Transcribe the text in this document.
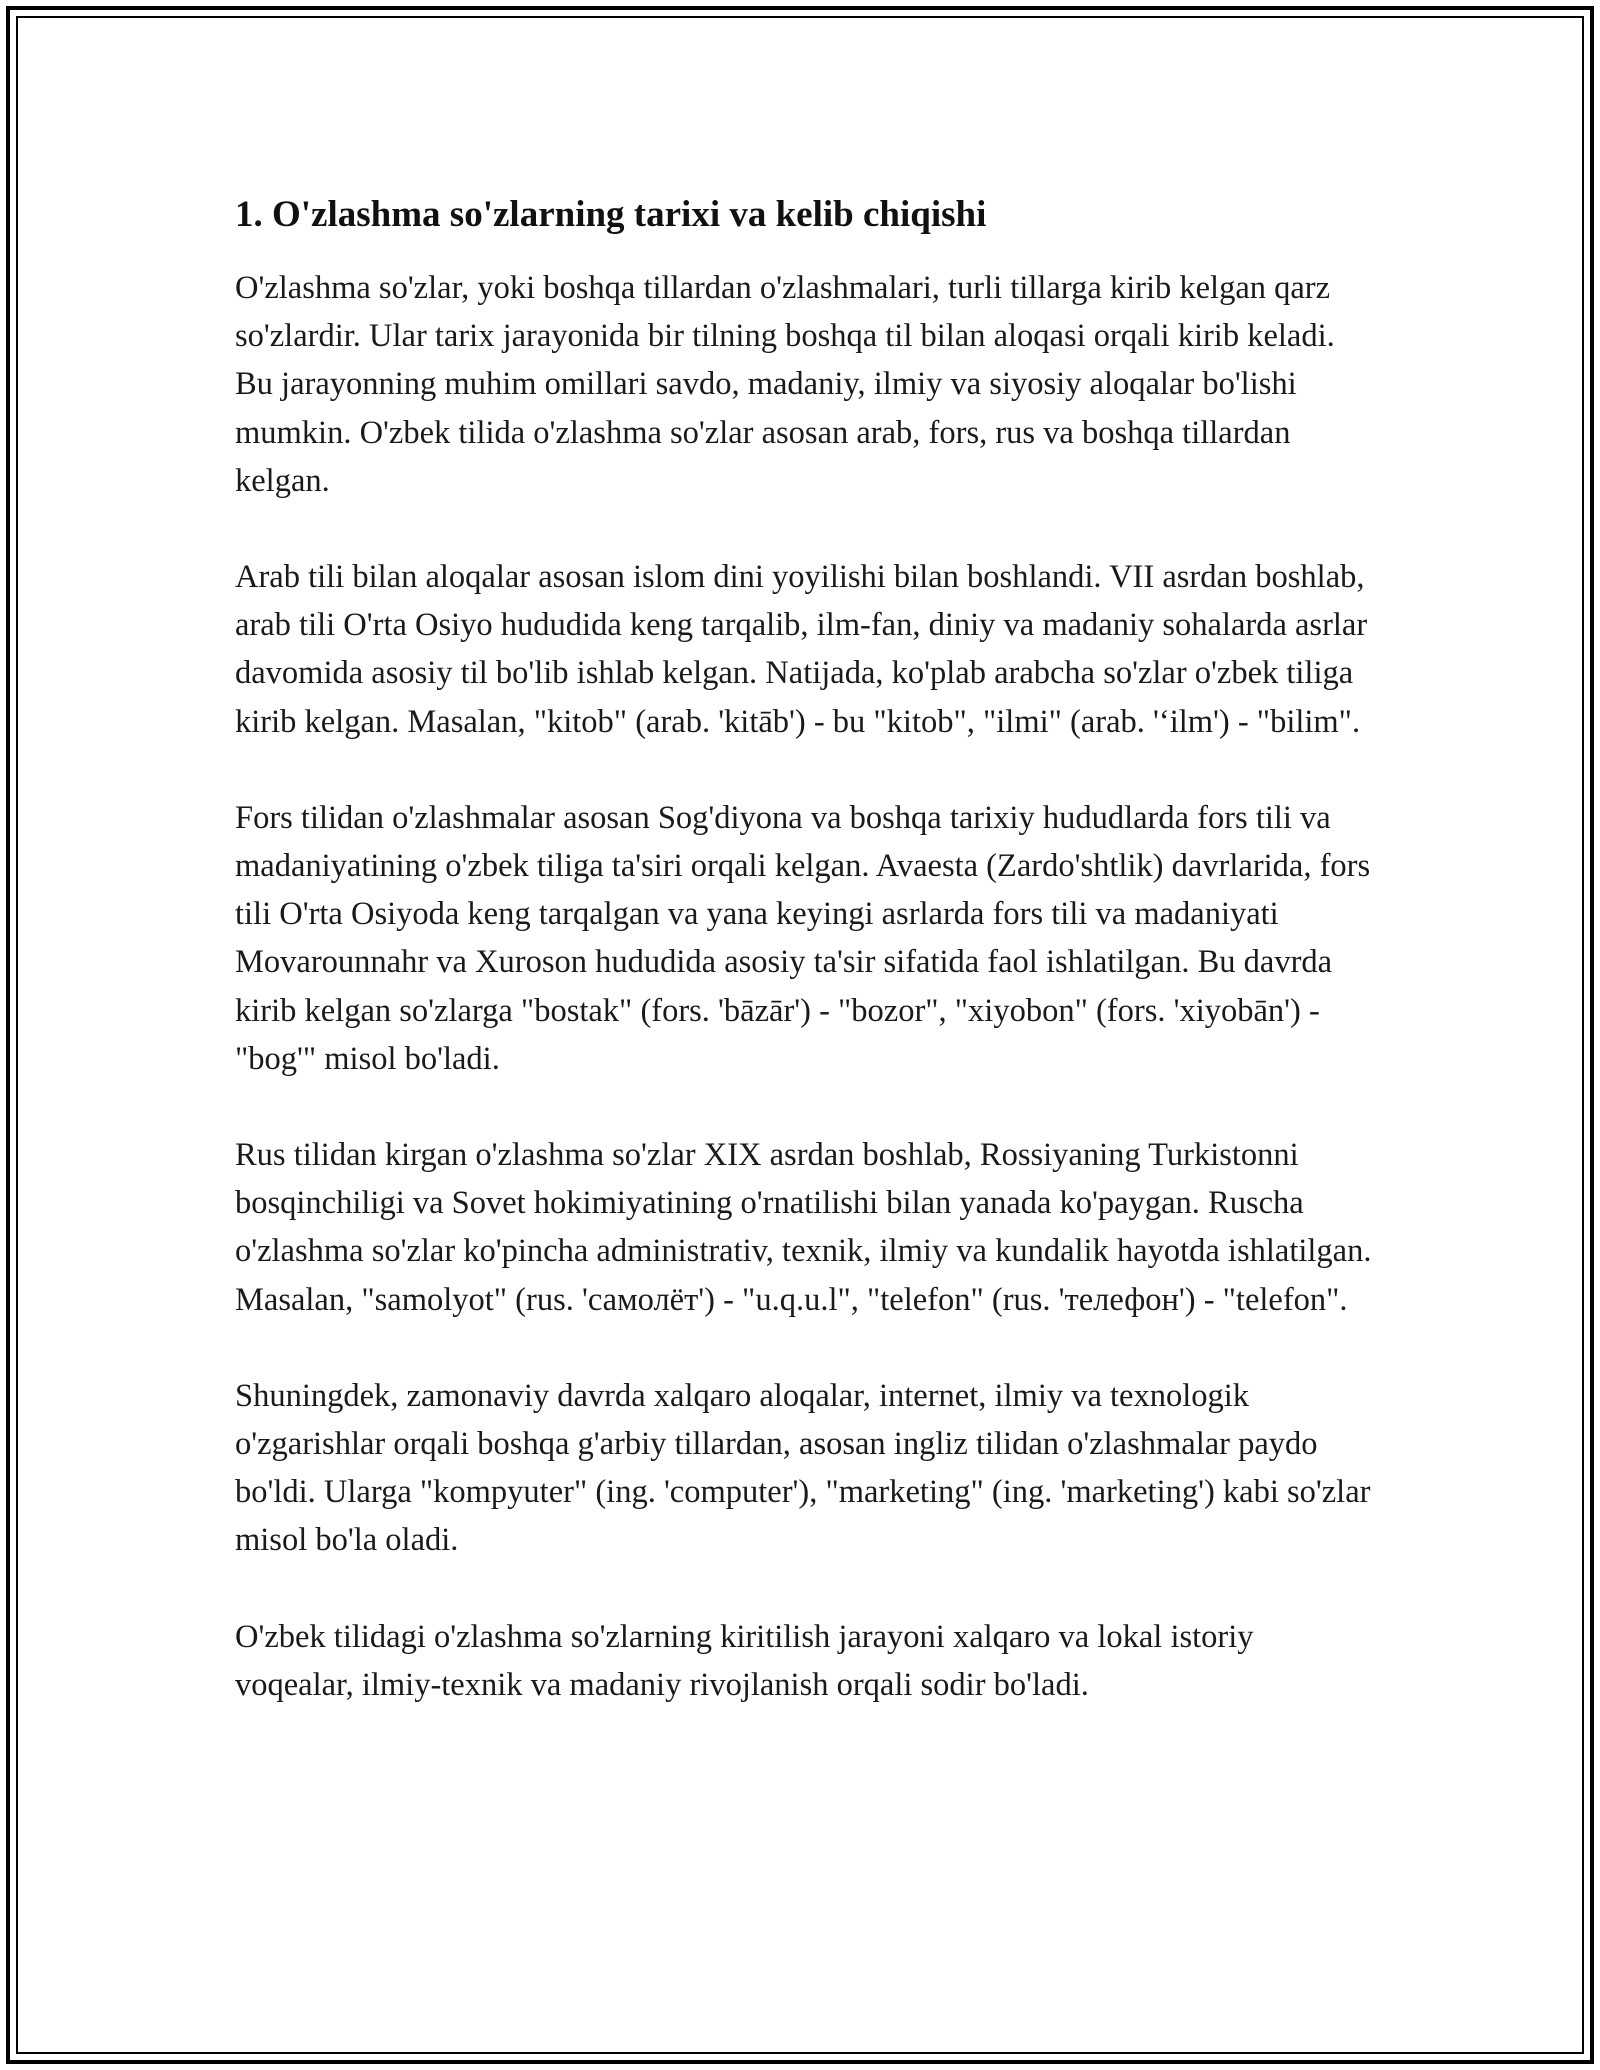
1. O'zlashma so'zlarning tarixi va kelib chiqishi

O'zlashma so'zlar, yoki boshqa tillardan o'zlashmalari, turli tillarga kirib kelgan qarz so'zlardir. Ular tarix jarayonida bir tilning boshqa til bilan aloqasi orqali kirib keladi. Bu jarayonning muhim omillari savdo, madaniy, ilmiy va siyosiy aloqalar bo'lishi mumkin. O'zbek tilida o'zlashma so'zlar asosan arab, fors, rus va boshqa tillardan kelgan.

Arab tili bilan aloqalar asosan islom dini yoyilishi bilan boshlandi. VII asrdan boshlab, arab tili O'rta Osiyo hududida keng tarqalib, ilm-fan, diniy va madaniy sohalarda asrlar davomida asosiy til bo'lib ishlab kelgan. Natijada, ko'plab arabcha so'zlar o'zbek tiliga kirib kelgan. Masalan, "kitob" (arab. 'kitāb') - bu "kitob", "ilmi" (arab. '‘ilm') - "bilim".

Fors tilidan o'zlashmalar asosan Sog'diyona va boshqa tarixiy hududlarda fors tili va madaniyatining o'zbek tiliga ta'siri orqali kelgan. Avaesta (Zardo'shtlik) davrlarida, fors tili O'rta Osiyoda keng tarqalgan va yana keyingi asrlarda fors tili va madaniyati Movarounnahr va Xuroson hududida asosiy ta'sir sifatida faol ishlatilgan. Bu davrda kirib kelgan so'zlarga "bostak" (fors. 'bāzār') - "bozor", "xiyobon" (fors. 'xiyobān') - "bog'" misol bo'ladi.

Rus tilidan kirgan o'zlashma so'zlar XIX asrdan boshlab, Rossiyaning Turkistonni bosqinchiligi va Sovet hokimiyatining o'rnatilishi bilan yanada ko'paygan. Ruscha o'zlashma so'zlar ko'pincha administrativ, texnik, ilmiy va kundalik hayotda ishlatilgan. Masalan, "samolyot" (rus. 'самолёт') - "u.q.u.l", "telefon" (rus. 'телефон') - "telefon".

Shuningdek, zamonaviy davrda xalqaro aloqalar, internet, ilmiy va texnologik o'zgarishlar orqali boshqa g'arbiy tillardan, asosan ingliz tilidan o'zlashmalar paydo bo'ldi. Ularga "kompyuter" (ing. 'computer'), "marketing" (ing. 'marketing') kabi so'zlar misol bo'la oladi.

O'zbek tilidagi o'zlashma so'zlarning kiritilish jarayoni xalqaro va lokal istoriy voqealar, ilmiy-texnik va madaniy rivojlanish orqali sodir bo'ladi.
